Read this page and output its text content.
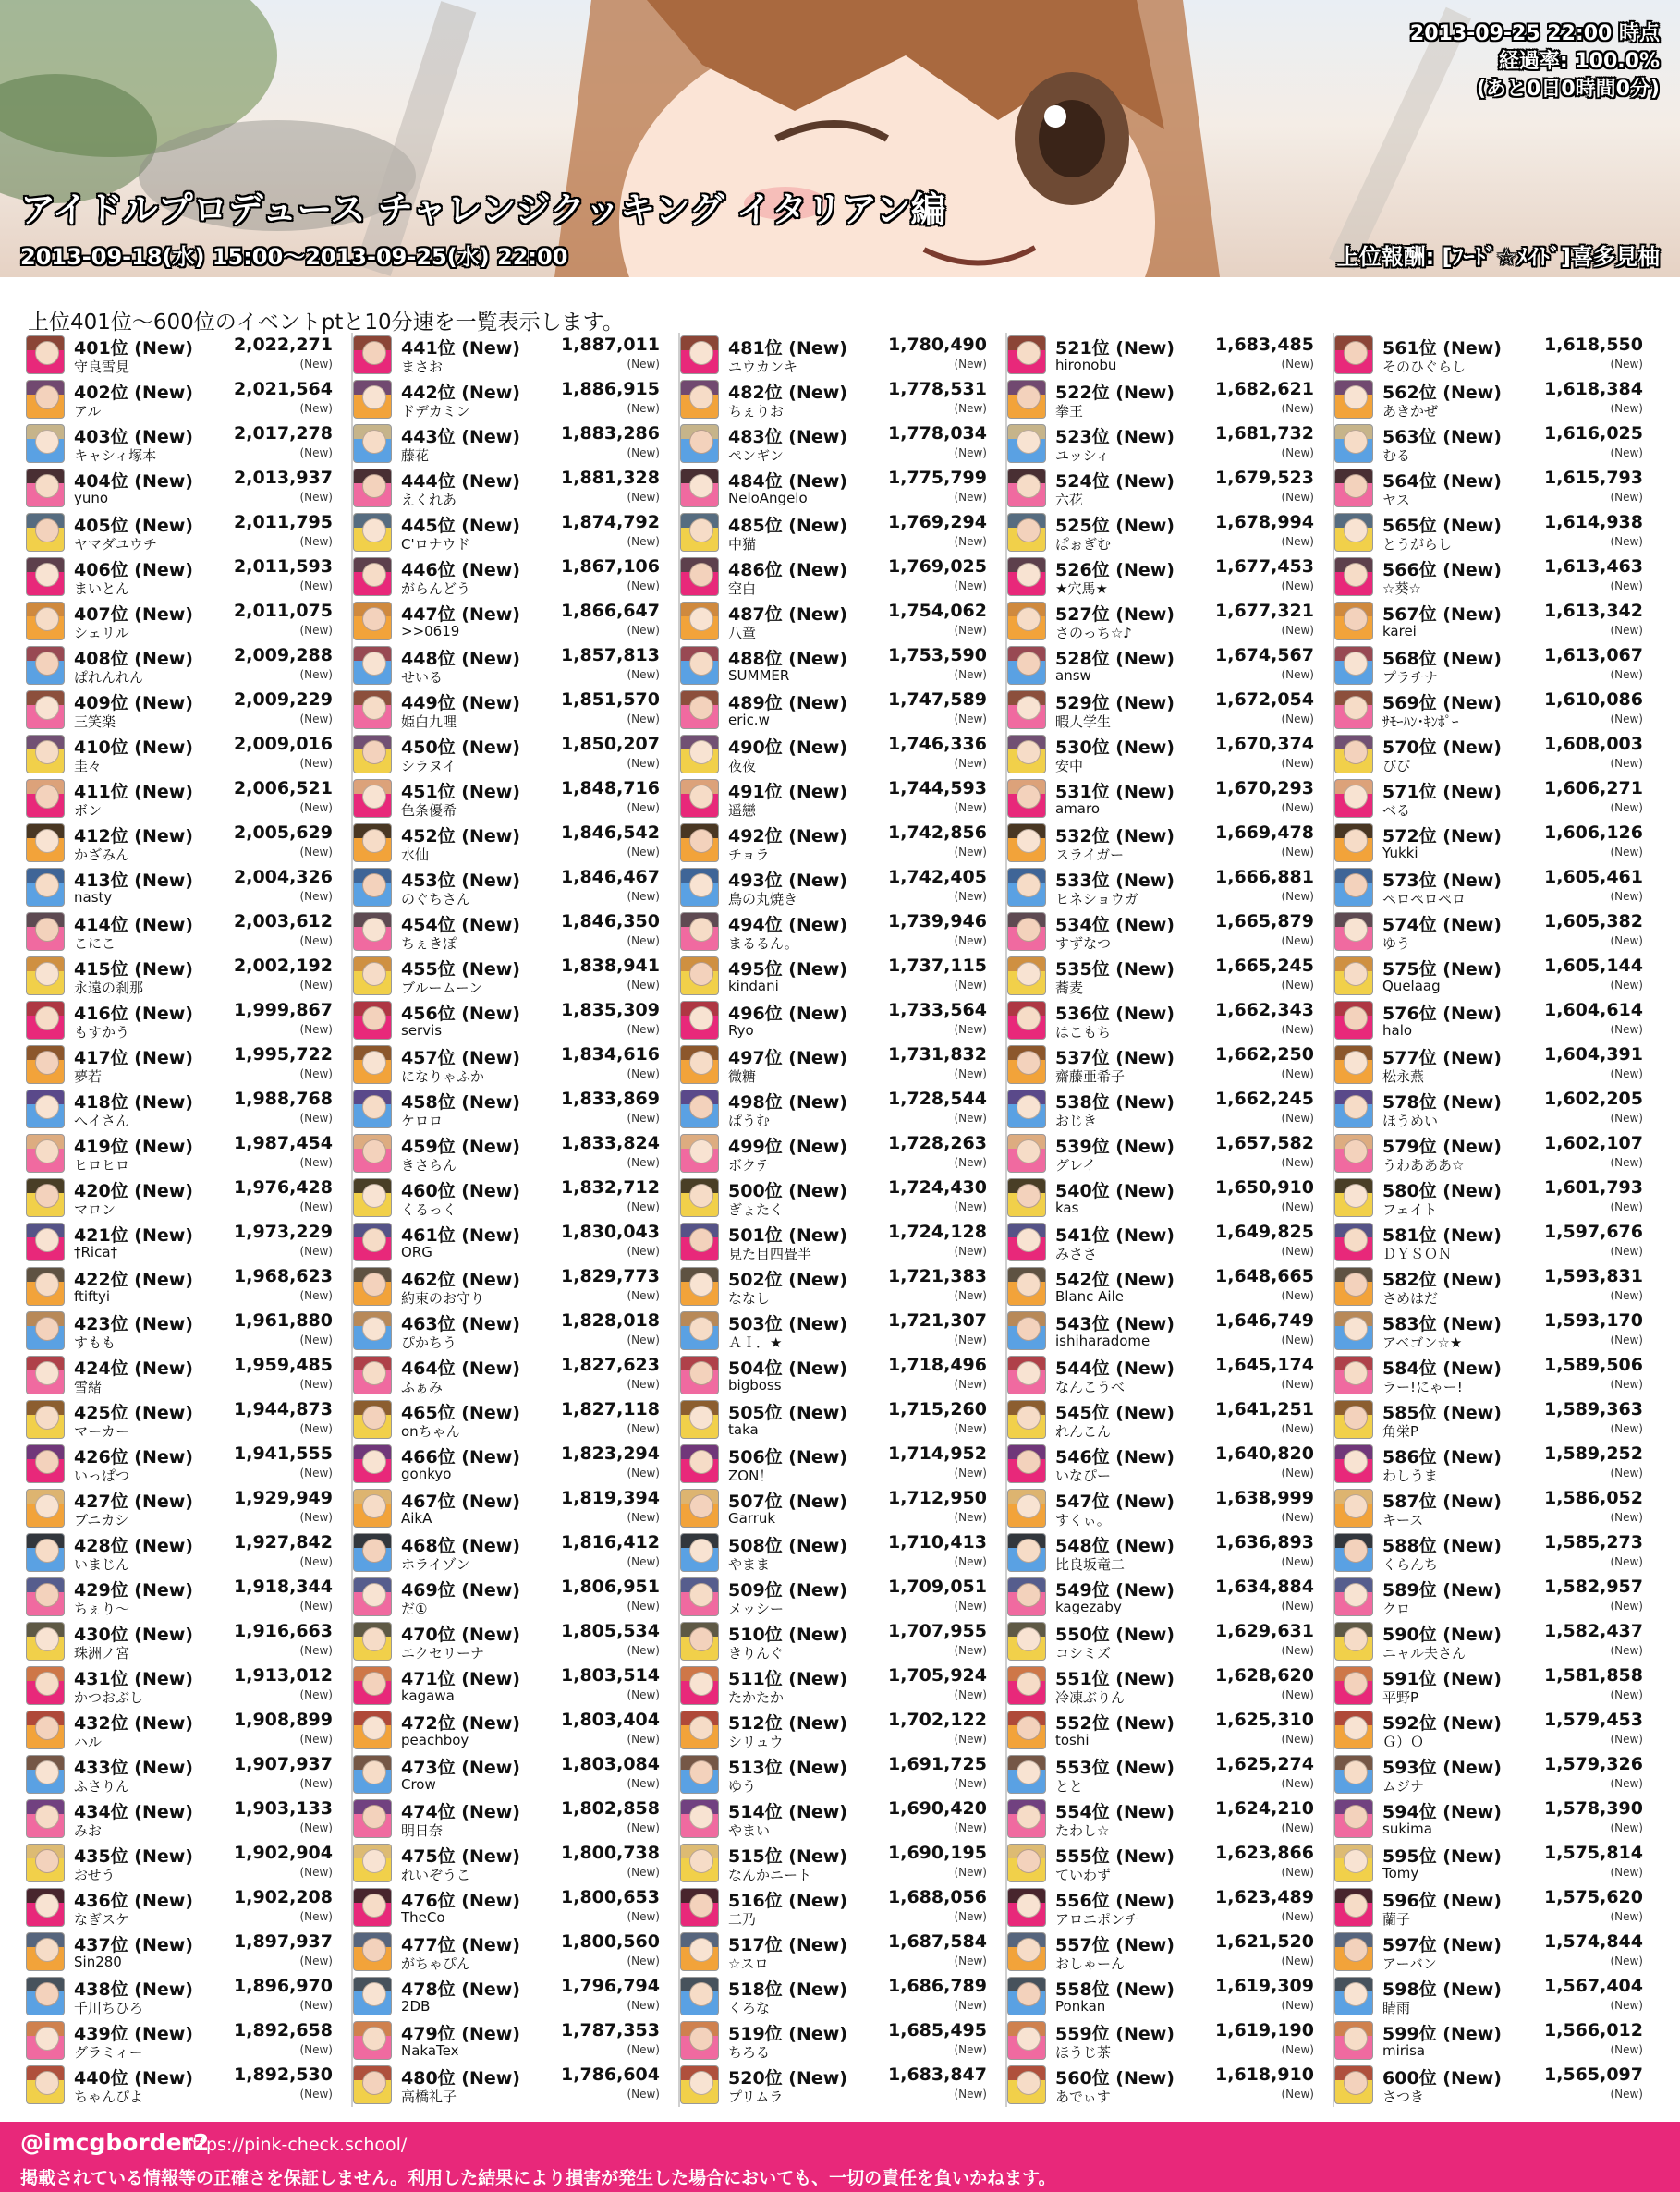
2013-09-25 22:00 時点
経過率: 100.0%
(あと0日0時間0分)
アイドルプロデュース チャレンジクッキング イタリアン編
2013-09-18(水) 15:00～2013-09-25(水) 22:00	上位報酬: [ﾌｰﾄﾞ☆ﾒｲﾄﾞ]喜多見柚
上位401位～600位のイベントptと10分速を一覧表示します。
401位 (New) 2,022,271
守良雪見	(New)
402位 (New) 2,021,564
アル	(New)
403位 (New) 2,017,278
キャシィ塚本	(New)
404位 (New) 2,013,937
yuno	(New)
405位 (New) 2,011,795
ヤマダユウチ	(New)
406位 (New) 2,011,593
まいとん	(New)
407位 (New) 2,011,075
シェリル	(New)
408位 (New) 2,009,288
ぱれんれん	(New)
409位 (New) 2,009,229
三笑楽	(New)
410位 (New) 2,009,016
圭々	(New)
411位 (New) 2,006,521
ボン	(New)
412位 (New) 2,005,629
かざみん	(New)
413位 (New) 2,004,326
nasty	(New)
414位 (New) 2,003,612
こにこ	(New)
415位 (New) 2,002,192
永遠の刹那	(New)
416位 (New) 1,999,867
もすかう	(New)
417位 (New) 1,995,722
夢若	(New)
418位 (New) 1,988,768
へイさん	(New)
419位 (New) 1,987,454
ヒロヒロ	(New)
420位 (New) 1,976,428
マロン	(New)
421位 (New) 1,973,229
†Rica†	(New)
422位 (New) 1,968,623
ftiftyi	(New)
423位 (New) 1,961,880
すもも	(New)
424位 (New) 1,959,485
雪緒	(New)
425位 (New) 1,944,873
マーカー	(New)
426位 (New) 1,941,555
いっぱつ	(New)
427位 (New) 1,929,949
ブニカシ	(New)
428位 (New) 1,927,842
いまじん	(New)
429位 (New) 1,918,344
ちぇり～	(New)
430位 (New) 1,916,663
珠洲ノ宮	(New)
431位 (New) 1,913,012
かつおぶし	(New)
432位 (New) 1,908,899
ハル	(New)
433位 (New) 1,907,937
ふさりん	(New)
434位 (New) 1,903,133
みお	(New)
435位 (New) 1,902,904
おせう	(New)
436位 (New) 1,902,208
なぎスケ	(New)
437位 (New) 1,897,937
Sin280	(New)
438位 (New) 1,896,970
千川ちひろ	(New)
439位 (New) 1,892,658
グラミィー	(New)
440位 (New) 1,892,530
ちゃんぴよ	(New)
441位 (New) 1,887,011
まさお	(New)
442位 (New) 1,886,915
ドデカミン	(New)
443位 (New) 1,883,286
藤花	(New)
444位 (New) 1,881,328
えくれあ	(New)
445位 (New) 1,874,792
C'ロナウド	(New)
446位 (New) 1,867,106
がらんどう	(New)
447位 (New) 1,866,647
>>0619	(New)
448位 (New) 1,857,813
せいる	(New)
449位 (New) 1,851,570
姫白九哩	(New)
450位 (New) 1,850,207
シラヌイ	(New)
451位 (New) 1,848,716
色条優希	(New)
452位 (New) 1,846,542
水仙	(New)
453位 (New) 1,846,467
のぐちさん	(New)
454位 (New) 1,846,350
ちぇきぽ	(New)
455位 (New) 1,838,941
ブルームーン	(New)
456位 (New) 1,835,309
servis	(New)
457位 (New) 1,834,616
になりゃふか	(New)
458位 (New) 1,833,869
ケロロ	(New)
459位 (New) 1,833,824
きさらん	(New)
460位 (New) 1,832,712
くるっく	(New)
461位 (New) 1,830,043
ORG	(New)
462位 (New) 1,829,773
約束のお守り	(New)
463位 (New) 1,828,018
ぴかちう	(New)
464位 (New) 1,827,623
ふぁみ	(New)
465位 (New) 1,827,118
onちゃん	(New)
466位 (New) 1,823,294
gonkyo	(New)
467位 (New) 1,819,394
AikA	(New)
468位 (New) 1,816,412
ホライゾン	(New)
469位 (New) 1,806,951
だ①	(New)
470位 (New) 1,805,534
エクセリーナ	(New)
471位 (New) 1,803,514
kagawa	(New)
472位 (New) 1,803,404
peachboy	(New)
473位 (New) 1,803,084
Crow	(New)
474位 (New) 1,802,858
明日奈	(New)
475位 (New) 1,800,738
れいぞうこ	(New)
476位 (New) 1,800,653
TheCo	(New)
477位 (New) 1,800,560
がちゃぴん	(New)
478位 (New) 1,796,794
2DB	(New)
479位 (New) 1,787,353
NakaTex	(New)
480位 (New) 1,786,604
高橋礼子	(New)
481位 (New) 1,780,490
ユウカンキ	(New)
482位 (New) 1,778,531
ちぇりお	(New)
483位 (New) 1,778,034
ペンギン	(New)
484位 (New) 1,775,799
NeloAngelo	(New)
485位 (New) 1,769,294
中猫	(New)
486位 (New) 1,769,025
空白	(New)
487位 (New) 1,754,062
八童	(New)
488位 (New) 1,753,590
SUMMER	(New)
489位 (New) 1,747,589
eric.w	(New)
490位 (New) 1,746,336
夜夜	(New)
491位 (New) 1,744,593
遥戀	(New)
492位 (New) 1,742,856
チョラ	(New)
493位 (New) 1,742,405
鳥の丸焼き	(New)
494位 (New) 1,739,946
まるるん。	(New)
495位 (New) 1,737,115
kindani	(New)
496位 (New) 1,733,564
Ryo	(New)
497位 (New) 1,731,832
微糖	(New)
498位 (New) 1,728,544
ぱうむ	(New)
499位 (New) 1,728,263
ボクテ	(New)
500位 (New) 1,724,430
ぎょたく	(New)
501位 (New) 1,724,128
見た目四畳半	(New)
502位 (New) 1,721,383
ななし	(New)
503位 (New) 1,721,307
ＡＩ．★	(New)
504位 (New) 1,718,496
bigboss	(New)
505位 (New) 1,715,260
taka	(New)
506位 (New) 1,714,952
ZON！	(New)
507位 (New) 1,712,950
Garruk	(New)
508位 (New) 1,710,413
やまま	(New)
509位 (New) 1,709,051
メッシー	(New)
510位 (New) 1,707,955
きりんぐ	(New)
511位 (New) 1,705,924
たかたか	(New)
512位 (New) 1,702,122
シリュウ	(New)
513位 (New) 1,691,725
ゆう	(New)
514位 (New) 1,690,420
やまい	(New)
515位 (New) 1,690,195
なんかニート	(New)
516位 (New) 1,688,056
二乃	(New)
517位 (New) 1,687,584
☆スロ	(New)
518位 (New) 1,686,789
くろな	(New)
519位 (New) 1,685,495
ちろる	(New)
520位 (New) 1,683,847
プリムラ	(New)
521位 (New) 1,683,485
hironobu	(New)
522位 (New) 1,682,621
拳王	(New)
523位 (New) 1,681,732
ユッシィ	(New)
524位 (New) 1,679,523
六花	(New)
525位 (New) 1,678,994
ぱぉぎむ	(New)
526位 (New) 1,677,453
★穴馬★	(New)
527位 (New) 1,677,321
さのっち☆♪	(New)
528位 (New) 1,674,567
answ	(New)
529位 (New) 1,672,054
暇人学生	(New)
530位 (New) 1,670,374
安中	(New)
531位 (New) 1,670,293
amaro	(New)
532位 (New) 1,669,478
スライガー	(New)
533位 (New) 1,666,881
ヒネショウガ	(New)
534位 (New) 1,665,879
すずなつ	(New)
535位 (New) 1,665,245
蕎麦	(New)
536位 (New) 1,662,343
はこもち	(New)
537位 (New) 1,662,250
齋藤亜希子	(New)
538位 (New) 1,662,245
おじき	(New)
539位 (New) 1,657,582
グレイ	(New)
540位 (New) 1,650,910
kas	(New)
541位 (New) 1,649,825
みささ	(New)
542位 (New) 1,648,665
Blanc Aile	(New)
543位 (New) 1,646,749
ishiharadome	(New)
544位 (New) 1,645,174
なんこうべ	(New)
545位 (New) 1,641,251
れんこん	(New)
546位 (New) 1,640,820
いなぴー	(New)
547位 (New) 1,638,999
すくぃ。	(New)
548位 (New) 1,636,893
比良坂竜二	(New)
549位 (New) 1,634,884
kagezaby	(New)
550位 (New) 1,629,631
コシミズ	(New)
551位 (New) 1,628,620
冷凍ぶりん	(New)
552位 (New) 1,625,310
toshi	(New)
553位 (New) 1,625,274
とと	(New)
554位 (New) 1,624,210
たわし☆	(New)
555位 (New) 1,623,866
ていわず	(New)
556位 (New) 1,623,489
アロエポンチ	(New)
557位 (New) 1,621,520
おしゃーん	(New)
558位 (New) 1,619,309
Ponkan	(New)
559位 (New) 1,619,190
ほうじ茶	(New)
560位 (New) 1,618,910
あでぃす	(New)
561位 (New) 1,618,550
そのひぐらし	(New)
562位 (New) 1,618,384
あきかぜ	(New)
563位 (New) 1,616,025
むる	(New)
564位 (New) 1,615,793
ヤス	(New)
565位 (New) 1,614,938
とうがらし	(New)
566位 (New) 1,613,463
☆葵☆	(New)
567位 (New) 1,613,342
karei	(New)
568位 (New) 1,613,067
プラチナ	(New)
569位 (New) 1,610,086
ｻﾓｰﾊﾝ･ｷﾝﾎﾟｰ	(New)
570位 (New) 1,608,003
ぴぴ	(New)
571位 (New) 1,606,271
べる	(New)
572位 (New) 1,606,126
Yukki	(New)
573位 (New) 1,605,461
ペロペロペロ	(New)
574位 (New) 1,605,382
ゆう	(New)
575位 (New) 1,605,144
Quelaag	(New)
576位 (New) 1,604,614
halo	(New)
577位 (New) 1,604,391
松永燕	(New)
578位 (New) 1,602,205
ほうめい	(New)
579位 (New) 1,602,107
うわあああ☆	(New)
580位 (New) 1,601,793
フェイト	(New)
581位 (New) 1,597,676
ＤＹＳＯＮ	(New)
582位 (New) 1,593,831
さめはだ	(New)
583位 (New) 1,593,170
アベゴン☆★	(New)
584位 (New) 1,589,506
ラー!にゃー!	(New)
585位 (New) 1,589,363
角栄P	(New)
586位 (New) 1,589,252
わしうま	(New)
587位 (New) 1,586,052
キース	(New)
588位 (New) 1,585,273
くらんち	(New)
589位 (New) 1,582,957
クロ	(New)
590位 (New) 1,582,437
ニャル夫さん	(New)
591位 (New) 1,581,858
平野P	(New)
592位 (New) 1,579,453
Ｇ）Ｏ	(New)
593位 (New) 1,579,326
ムジナ	(New)
594位 (New) 1,578,390
sukima	(New)
595位 (New) 1,575,814
Tomy	(New)
596位 (New) 1,575,620
蘭子	(New)
597位 (New) 1,574,844
アーバン	(New)
598位 (New) 1,567,404
睛雨	(New)
599位 (New) 1,566,012
mirisa	(New)
600位 (New) 1,565,097
さつき	(New)
@imcgborder2
https://pink-check.school/
掲載されている情報等の正確さを保証しません。利用した結果により損害が発生した場合においても、一切の責任を負いかねます。
